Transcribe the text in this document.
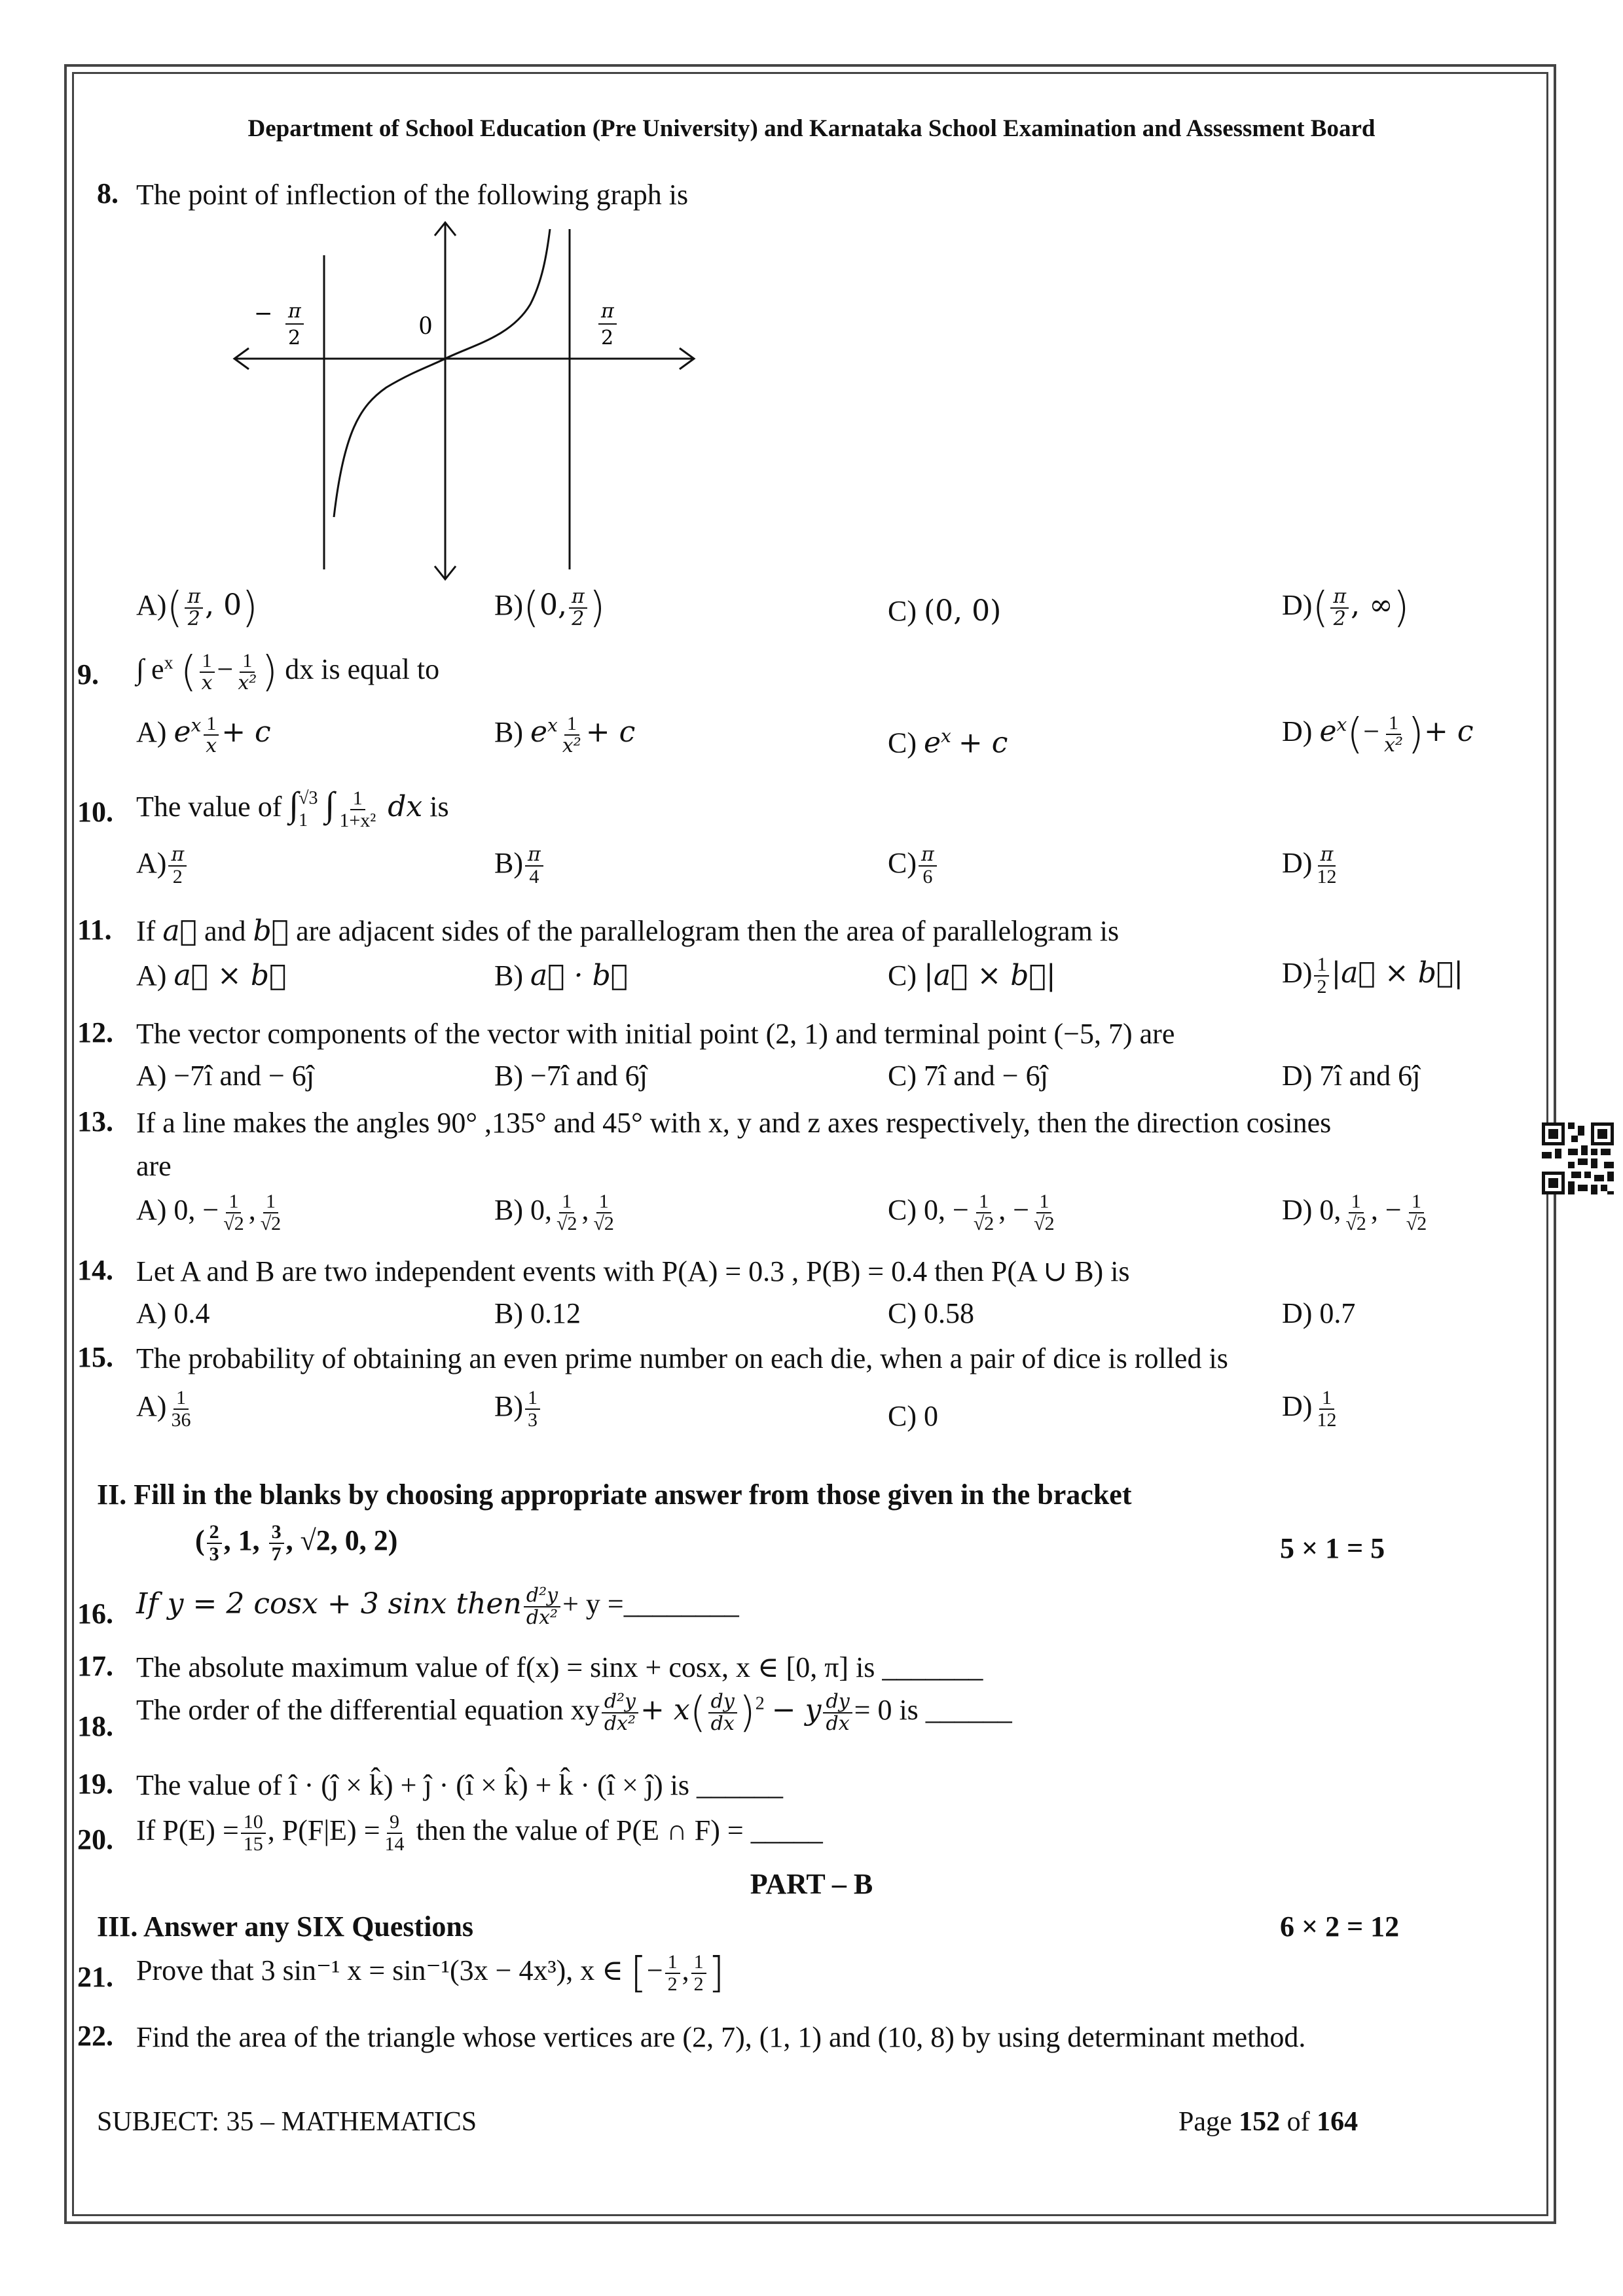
Department of School Education (Pre University) and Karnataka School Examination and Assessment Board
8. The point of inflection of the following graph is
− π
2	0	π
2
$A)( \frac{\pi}{2}$ , 0)	B)(0, $\frac{\pi}{2}$ )	C) (0, 0)	$D)( \frac{\pi}{2}$ , ∞)
9. ∫ $e^x$ ( $\frac{1}{x} - \frac{1}{\text{x²}}$ ) dx is equal to
A) $e^x \frac{1}{x} + c$	B) $e^x \frac{1}{\text{x²}} + c$	C) $e^x + c$	D) $e^x(- \frac{1}{\text{x²}}$ )+ c
10. The value of ∫ √3
1 ∫ $\frac{1}{\text{1+x²}}$ dx is
$A) \frac{\pi}{2}$	$B) \frac{\pi}{4}$	$C) \frac{\pi}{6}$	$D) \frac{\pi}{12}$
11. If a⃗ and b⃗ are adjacent sides of the parallelogram then the area of parallelogram is
A) a⃗ × b⃗	B) a⃗ · b⃗	C) |a⃗ × b⃗|	$D) \frac{1}{2}$ |a⃗ × b⃗|
12. The vector components of the vector with initial point (2, 1) and terminal point (−5, 7) are
A) −7î and − 6ĵ	B) −7î and 6ĵ	C) 7î and − 6ĵ	D) 7î and 6ĵ
13. If a line makes the angles 90° ,135° and 45° with x, y and z axes respectively, then the direction cosines
are
A) 0, − $\frac{1}{√2}$ , $\frac{1}{√2}$	B) 0, $\frac{1}{√2}$ , $\frac{1}{√2}$	C) 0, − $\frac{1}{√2}$ , − $\frac{1}{√2}$	D) 0, $\frac{1}{√2}$ , − $\frac{1}{√2}$
14. Let A and B are two independent events with P(A) = 0.3 , P(B) = 0.4 then P(A ∪ B) is
A) 0.4	B) 0.12	C) 0.58	D) 0.7
15. The probability of obtaining an even prime number on each die, when a pair of dice is rolled is
$A) \frac{1}{36}$	$B) \frac{1}{3}$	C) 0	$D) \frac{1}{12}$
II. Fill in the blanks by choosing appropriate answer from those given in the bracket
( $\frac{2}{3}$ , 1, $\frac{3}{7}$ , √2, 0, 2)	5 × 1 = 5
16. If y = 2 cosx + 3 sinx then $\frac{\text{d²y}}{\text{dx²}} + y$ =________
17. The absolute maximum value of f(x) = sinx + cosx, x ∈ [0, π] is _______
18.
The order of the differential equation xy $\frac{\text{d²y}}{\text{dx²}} + x( \frac{dy}{dx} )^2 - y \frac{dy}{dx} = 0$ is ______
19. The value of î · (ĵ × k̂) + ĵ · (î × k̂) + k̂ · (î × ĵ) is ______
20. If $P(E) = \frac{10}{15}$ , $P(F|E) = \frac{9}{14}$ then the value of P(E ∩ F) = _____
PART – B
III. Answer any SIX Questions	6 × 2 = 12
21. Prove that 3 sin⁻¹ x = sin⁻¹(3x − 4x³), x ∈ [− $\frac{1}{2}$ , $\frac{1}{2}$ ]
22. Find the area of the triangle whose vertices are (2, 7), (1, 1) and (10, 8) by using determinant method.
SUBJECT: 35 – MATHEMATICS	Page 152 of 164
